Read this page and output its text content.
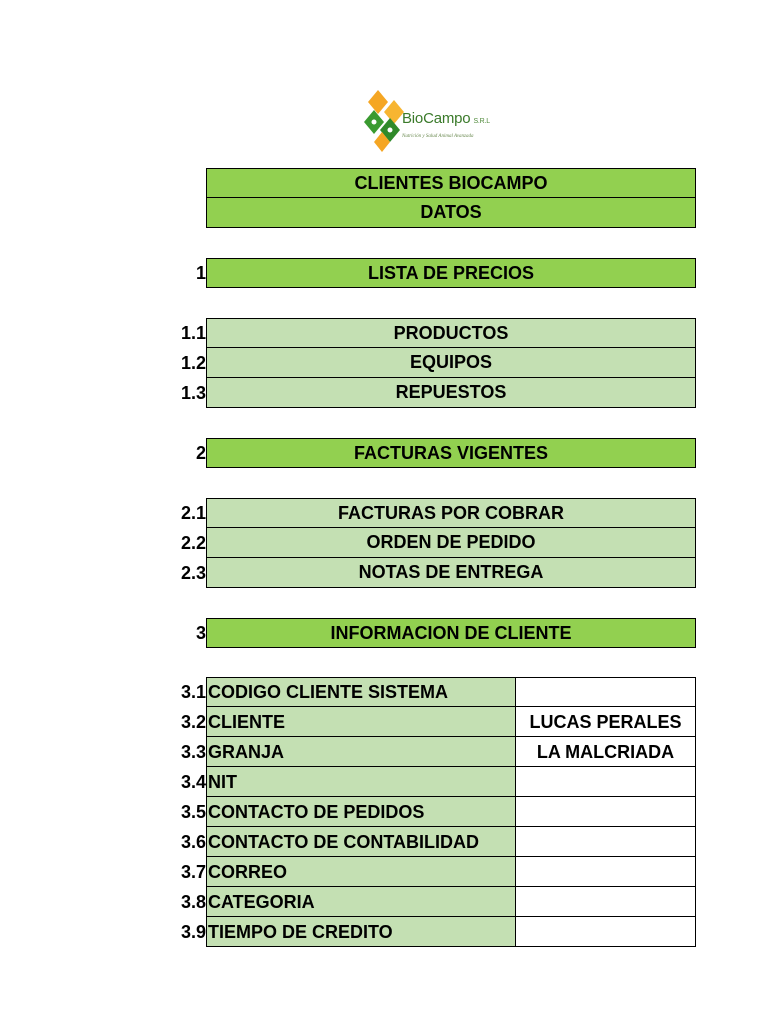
BioCampo S.R.L
Nutrición y Salud Animal Avanzada
CLIENTES BIOCAMPO
DATOS
1	LISTA DE PRECIOS
1.1	PRODUCTOS
1.2	EQUIPOS
1.3	REPUESTOS
2	FACTURAS VIGENTES
2.1	FACTURAS POR COBRAR
2.2	ORDEN DE PEDIDO
2.3	NOTAS DE ENTREGA
3	INFORMACION DE CLIENTE
3.1 CODIGO CLIENTE SISTEMA
3.2 CLIENTE	LUCAS PERALES
3.3 GRANJA	LA MALCRIADA
3.4 NIT
3.5 CONTACTO DE PEDIDOS
3.6 CONTACTO DE CONTABILIDAD
3.7 CORREO
3.8 CATEGORIA
3.9 TIEMPO DE CREDITO
